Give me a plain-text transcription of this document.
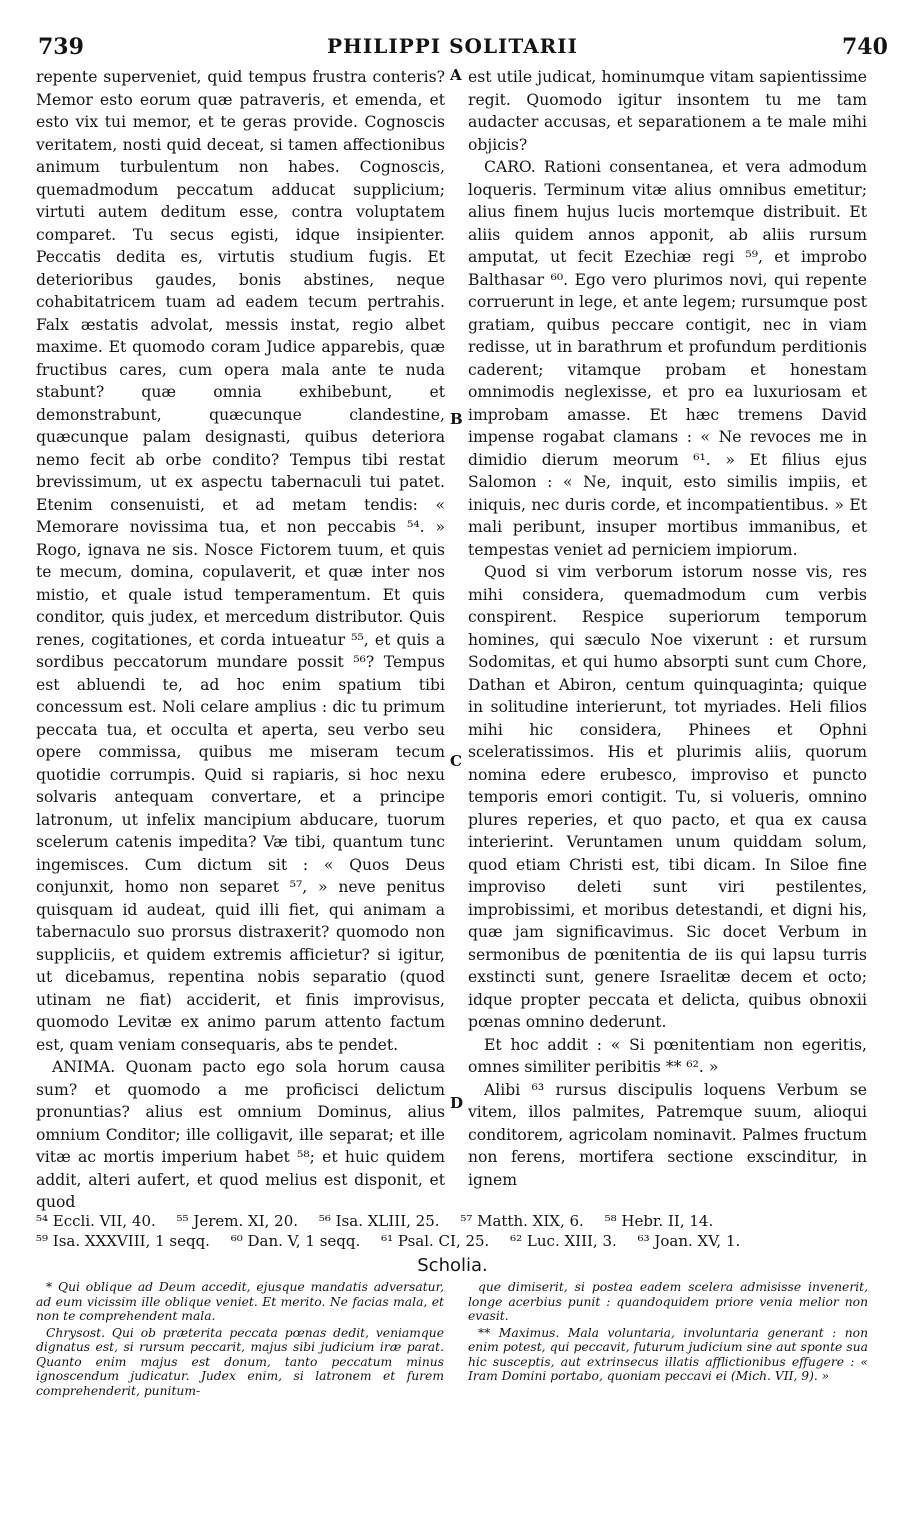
739	PHILIPPI SOLITARII	740

repente superveniet, quid tempus frustra conteris? Memor esto eorum quæ patraveris, et emenda, et esto vix tui memor, et te geras provide. Cognoscis veritatem, nosti quid deceat, si tamen affectionibus animum turbulentum non habes. Cognoscis, quemadmodum peccatum adducat supplicium; virtuti autem deditum esse, contra voluptatem comparet. Tu secus egisti, idque insipienter. Peccatis dedita es, virtutis studium fugis. Et deterioribus gaudes, bonis abstines, neque cohabitatricem tuam ad eadem tecum pertrahis. Falx æstatis advolat, messis instat, regio albet maxime. Et quomodo coram Judice apparebis, quæ fructibus cares, cum opera mala ante te nuda stabunt? quæ omnia exhibebunt, et demonstrabunt, quæcunque clandestine, quæcunque palam designasti, quibus deteriora nemo fecit ab orbe condito? Tempus tibi restat brevissimum, ut ex aspectu tabernaculi tui patet. Etenim consenuisti, et ad metam tendis: « Memorare novissima tua, et non peccabis ⁵⁴. » Rogo, ignava ne sis. Nosce Fictorem tuum, et quis te mecum, domina, copulaverit, et quæ inter nos mistio, et quale istud temperamentum. Et quis conditor, quis judex, et mercedum distributor. Quis renes, cogitationes, et corda intueatur ⁵⁵, et quis a sordibus peccatorum mundare possit ⁵⁶? Tempus est abluendi te, ad hoc enim spatium tibi concessum est. Noli celare amplius : dic tu primum peccata tua, et occulta et aperta, seu verbo seu opere commissa, quibus me miseram tecum quotidie corrumpis. Quid si rapiaris, si hoc nexu solvaris antequam convertare, et a principe latronum, ut infelix mancipium abducare, tuorum scelerum catenis impedita? Væ tibi, quantum tunc ingemisces. Cum dictum sit : « Quos Deus conjunxit, homo non separet ⁵⁷, » neve penitus quisquam id audeat, quid illi fiet, qui animam a tabernaculo suo prorsus distraxerit? quomodo non suppliciis, et quidem extremis afficietur? si igitur, ut dicebamus, repentina nobis separatio (quod utinam ne fiat) acciderit, et finis improvisus, quomodo Levitæ ex animo parum attento factum est, quam veniam consequaris, abs te pendet.

ANIMA. Quonam pacto ego sola horum causa sum? et quomodo a me proficisci delictum pronuntias? alius est omnium Dominus, alius omnium Conditor; ille colligavit, ille separat; et ille vitæ ac mortis imperium habet ⁵⁸; et huic quidem addit, alteri aufert, et quod melius est disponit, et quod

A
B
C
D

est utile judicat, hominumque vitam sapientissime regit. Quomodo igitur insontem tu me tam audacter accusas, et separationem a te male mihi objicis?

CARO. Rationi consentanea, et vera admodum loqueris. Terminum vitæ alius omnibus emetitur; alius finem hujus lucis mortemque distribuit. Et aliis quidem annos apponit, ab aliis rursum amputat, ut fecit Ezechiæ regi ⁵⁹, et improbo Balthasar ⁶⁰. Ego vero plurimos novi, qui repente corruerunt in lege, et ante legem; rursumque post gratiam, quibus peccare contigit, nec in viam redisse, ut in barathrum et profundum perditionis caderent; vitamque probam et honestam omnimodis neglexisse, et pro ea luxuriosam et improbam amasse. Et hæc tremens David impense rogabat clamans : « Ne revoces me in dimidio dierum meorum ⁶¹. » Et filius ejus Salomon : « Ne, inquit, esto similis impiis, et iniquis, nec duris corde, et incompatientibus. » Et mali peribunt, insuper mortibus immanibus, et tempestas veniet ad perniciem impiorum.

Quod si vim verborum istorum nosse vis, res mihi considera, quemadmodum cum verbis conspirent. Respice superiorum temporum homines, qui sæculo Noe vixerunt : et rursum Sodomitas, et qui humo absorpti sunt cum Chore, Dathan et Abiron, centum quinquaginta; quique in solitudine interierunt, tot myriades. Heli filios mihi hic considera, Phinees et Ophni sceleratissimos. His et plurimis aliis, quorum nomina edere erubesco, improviso et puncto temporis emori contigit. Tu, si volueris, omnino plures reperies, et quo pacto, et qua ex causa interierint. Veruntamen unum quiddam solum, quod etiam Christi est, tibi dicam. In Siloe fine improviso deleti sunt viri pestilentes, improbissimi, et moribus detestandi, et digni his, quæ jam significavimus. Sic docet Verbum in sermonibus de pœnitentia de iis qui lapsu turris exstincti sunt, genere Israelitæ decem et octo; idque propter peccata et delicta, quibus obnoxii pœnas omnino dederunt.

Et hoc addit : « Si pœnitentiam non egeritis, omnes similiter peribitis ** ⁶². »

Alibi ⁶³ rursus discipulis loquens Verbum se vitem, illos palmites, Patremque suum, alioqui conditorem, agricolam nominavit. Palmes fructum non ferens, mortifera sectione exscinditur, in ignem

⁵⁴ Eccli. VII, 40. ⁵⁵ Jerem. XI, 20. ⁵⁶ Isa. XLIII, 25. ⁵⁷ Matth. XIX, 6. ⁵⁸ Hebr. II, 14.
⁵⁹ Isa. XXXVIII, 1 seqq. ⁶⁰ Dan. V, 1 seqq. ⁶¹ Psal. CI, 25. ⁶² Luc. XIII, 3. ⁶³ Joan. XV, 1.
Scholia.

* Qui oblique ad Deum accedit, ejusque mandatis adversatur, ad eum vicissim ille oblique veniet. Et merito. Ne facias mala, et non te comprehendent mala.

Chrysost. Qui ob præterita peccata pœnas dedit, veniamque dignatus est, si rursum peccarit, majus sibi judicium iræ parat. Quanto enim majus est donum, tanto peccatum minus ignoscendum judicatur. Judex enim, si latronem et furem comprehenderit, punitum-

que dimiserit, si postea eadem scelera admisisse invenerit, longe acerbius punit : quandoquidem priore venia melior non evasit.

** Maximus. Mala voluntaria, involuntaria generant : non enim potest, qui peccavit, futurum judicium sine aut sponte sua hic susceptis, aut extrinsecus illatis afflictionibus effugere : « Iram Domini portabo, quoniam peccavi ei (Mich. VII, 9). »
